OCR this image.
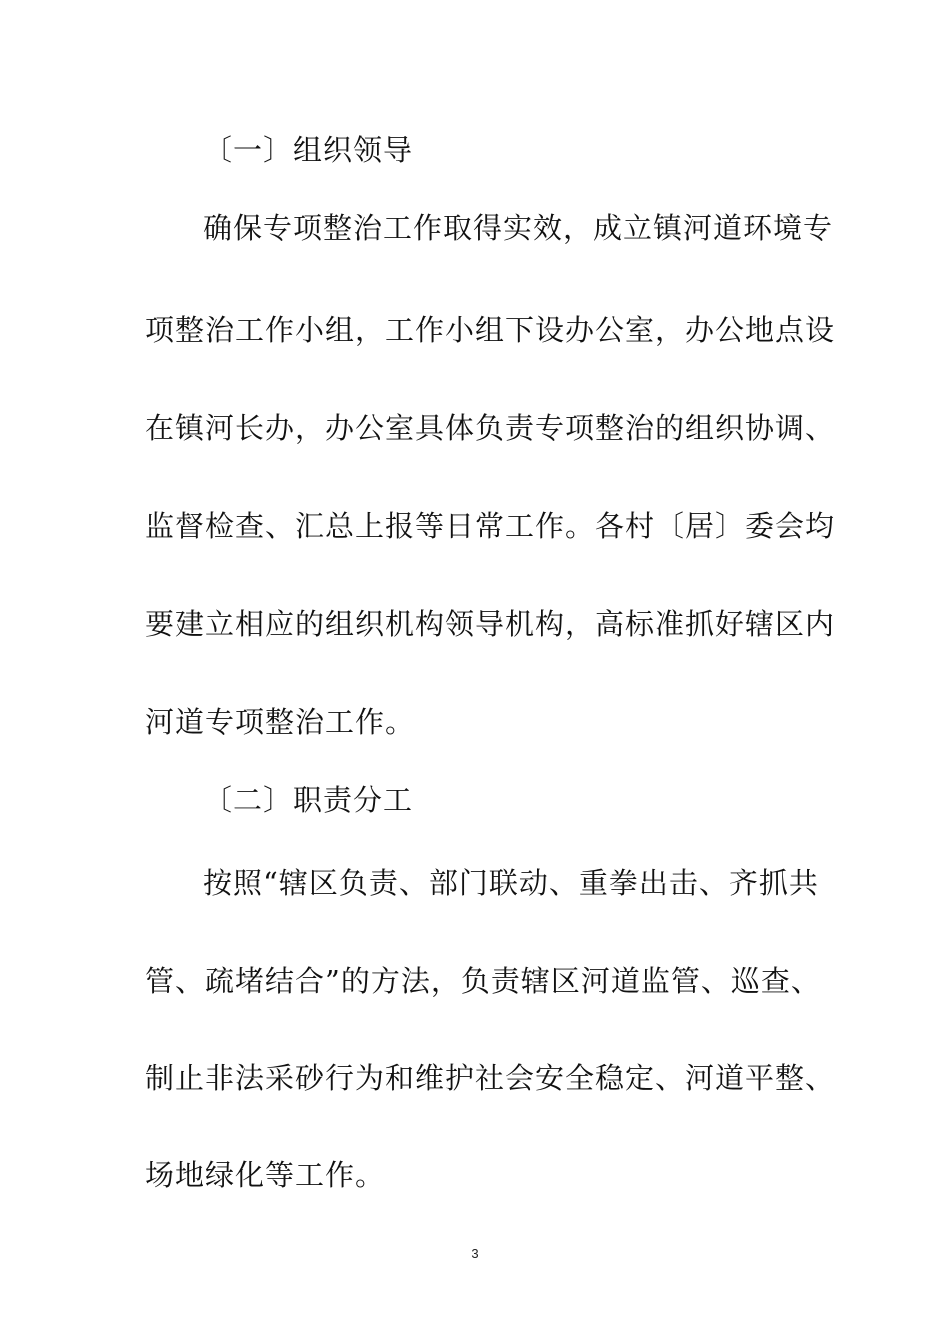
〔一〕组织领导
确保专项整治工作取得实效，成立镇河道环境专
项整治工作小组，工作小组下设办公室，办公地点设
在镇河长办，办公室具体负责专项整治的组织协调、
监督检查、汇总上报等日常工作。各村〔居〕委会均
要建立相应的组织机构领导机构，高标准抓好辖区内
河道专项整治工作。
〔二〕职责分工
按照“辖区负责、部门联动、重拳出击、齐抓共
管、疏堵结合”的方法，负责辖区河道监管、巡查、
制止非法采砂行为和维护社会安全稳定、河道平整、
场地绿化等工作。
3
